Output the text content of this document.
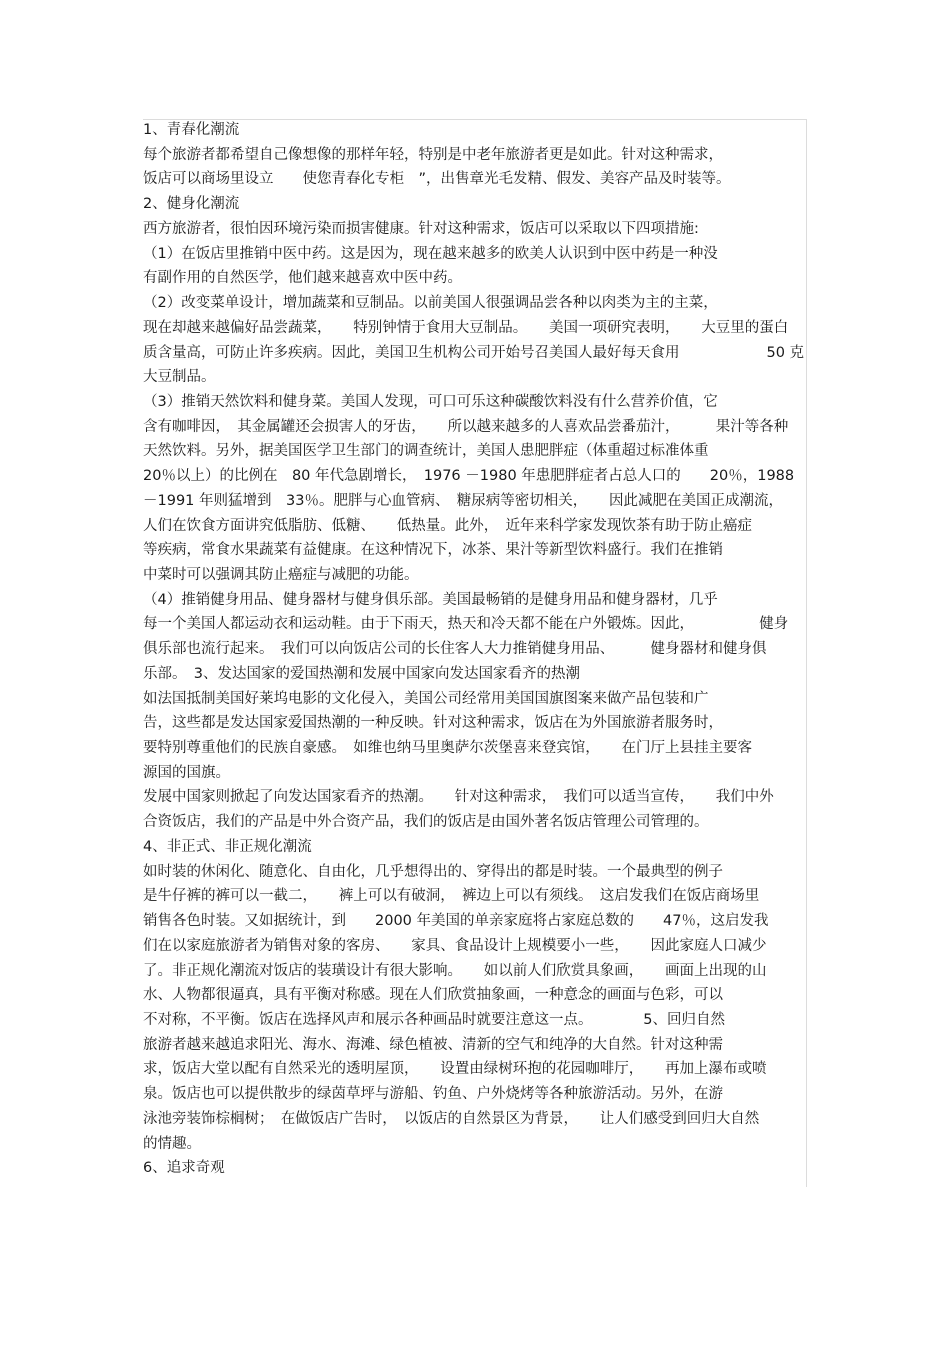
1、青春化潮流
每个旅游者都希望自己像想像的那样年轻，特别是中老年旅游者更是如此。针对这种需求，
饭店可以商场里设立　　使您青春化专柜　”，出售章光毛发精、假发、美容产品及时装等。
2、健身化潮流
西方旅游者，很怕因环境污染而损害健康。针对这种需求，饭店可以采取以下四项措施:
（1）在饭店里推销中医中药。这是因为，现在越来越多的欧美人认识到中医中药是一种没
有副作用的自然医学，他们越来越喜欢中医中药。
（2）改变菜单设计，增加蔬菜和豆制品。以前美国人很强调品尝各种以肉类为主的主菜，
现在却越来越偏好品尝蔬菜，　　特别钟情于食用大豆制品。　　美国一项研究表明，　　大豆里的蛋白
质含量高，可防止许多疾病。因此，美国卫生机构公司开始号召美国人最好每天食用　　　　　　50 克
大豆制品。
（3）推销天然饮料和健身菜。美国人发现，可口可乐这种碳酸饮料没有什么营养价值，它
含有咖啡因，　其金属罐还会损害人的牙齿，　　所以越来越多的人喜欢品尝番茄汁，　　　果汁等各种
天然饮料。另外，据美国医学卫生部门的调查统计，美国人患肥胖症（体重超过标准体重
20％以上）的比例在　80 年代急剧增长，　1976 －1980 年患肥胖症者占总人口的　　20％，1988
－1991 年则猛增到　33％。肥胖与心血管病、　糖尿病等密切相关，　　因此减肥在美国正成潮流，
人们在饮食方面讲究低脂肪、低糖、　　低热量。此外，　近年来科学家发现饮茶有助于防止癌症
等疾病，常食水果蔬菜有益健康。在这种情况下，冰茶、果汁等新型饮料盛行。我们在推销
中菜时可以强调其防止癌症与减肥的功能。
（4）推销健身用品、健身器材与健身俱乐部。美国最畅销的是健身用品和健身器材，几乎
每一个美国人都运动衣和运动鞋。由于下雨天，热天和冷天都不能在户外锻炼。因此，　　　　　健身
俱乐部也流行起来。　我们可以向饭店公司的长住客人大力推销健身用品、　　　健身器材和健身俱
乐部。　3、发达国家的爱国热潮和发展中国家向发达国家看齐的热潮
如法国抵制美国好莱坞电影的文化侵入，美国公司经常用美国国旗图案来做产品包装和广
告，这些都是发达国家爱国热潮的一种反映。针对这种需求，饭店在为外国旅游者服务时，
要特别尊重他们的民族自豪感。　如维也纳马里奥萨尔茨堡喜来登宾馆，　　在门厅上县挂主要客
源国的国旗。
发展中国家则掀起了向发达国家看齐的热潮。　　针对这种需求，　我们可以适当宣传，　　我们中外
合资饭店，我们的产品是中外合资产品，我们的饭店是由国外著名饭店管理公司管理的。
4、非正式、非正规化潮流
如时装的休闲化、随意化、自由化，几乎想得出的、穿得出的都是时装。一个最典型的例子
是牛仔裤的裤可以一截二，　　裤上可以有破洞，　裤边上可以有须线。　这启发我们在饭店商场里
销售各色时装。又如据统计，到　　2000 年美国的单亲家庭将占家庭总数的　　47％，这启发我
们在以家庭旅游者为销售对象的客房、　　家具、食品设计上规模要小一些，　　因此家庭人口减少
了。非正规化潮流对饭店的装璜设计有很大影响。　　如以前人们欣赏具象画，　　画面上出现的山
水、人物都很逼真，具有平衡对称感。现在人们欣赏抽象画，一种意念的画面与色彩，可以
不对称，不平衡。饭店在选择风声和展示各种画品时就要注意这一点。　　　　5、回归自然
旅游者越来越追求阳光、海水、海滩、绿色植被、清新的空气和纯净的大自然。针对这种需
求，饭店大堂以配有自然采光的透明屋顶，　　设置由绿树环抱的花园咖啡厅，　　再加上瀑布或喷
泉。饭店也可以提供散步的绿茵草坪与游船、钓鱼、户外烧烤等各种旅游活动。另外，在游
泳池旁装饰棕榈树；　在做饭店广告时，　以饭店的自然景区为背景，　　让人们感受到回归大自然
的情趣。
6、追求奇观
